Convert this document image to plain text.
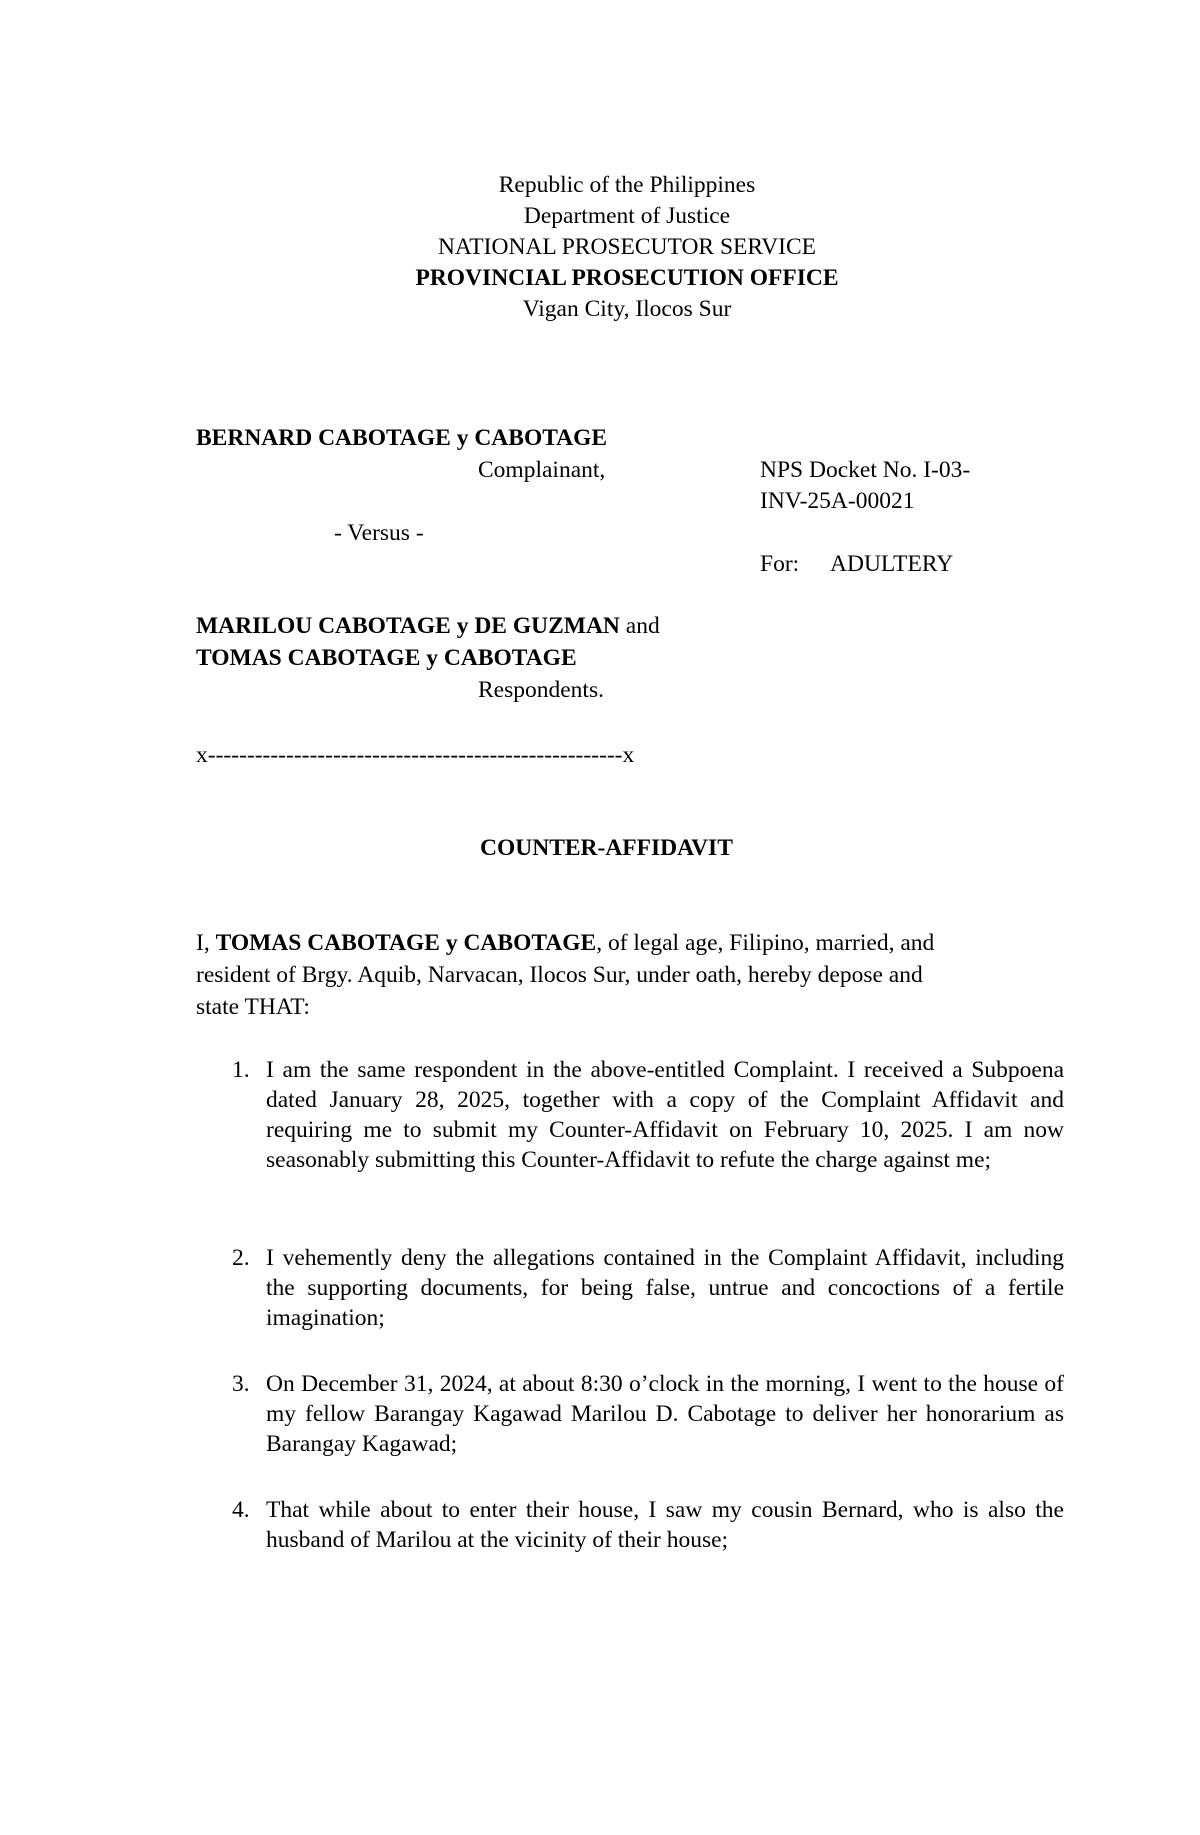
Republic of the Philippines
Department of Justice
NATIONAL PROSECUTOR SERVICE
PROVINCIAL PROSECUTION OFFICE
Vigan City, Ilocos Sur
BERNARD CABOTAGE y CABOTAGE
Complainant,	NPS Docket No. I-03-
INV-25A-00021
- Versus -
For: ADULTERY
MARILOU CABOTAGE y DE GUZMAN and
TOMAS CABOTAGE y CABOTAGE
Respondents.
x-----------------------------------------------------x
COUNTER-AFFIDAVIT
I, TOMAS CABOTAGE y CABOTAGE, of legal age, Filipino, married, and
resident of Brgy. Aquib, Narvacan, Ilocos Sur, under oath, hereby depose and
state THAT:
1. I am the same respondent in the above-entitled Complaint. I received a Subpoena dated January 28, 2025, together with a copy of the Complaint Affidavit and requiring me to submit my Counter-Affidavit on February 10, 2025. I am now seasonably submitting this Counter-Affidavit to refute the charge against me;
2. I vehemently deny the allegations contained in the Complaint Affidavit, including the supporting documents, for being false, untrue and concoctions of a fertile imagination;
3. On December 31, 2024, at about 8:30 o’clock in the morning, I went to the house of my fellow Barangay Kagawad Marilou D. Cabotage to deliver her honorarium as Barangay Kagawad;
4. That while about to enter their house, I saw my cousin Bernard, who is also the husband of Marilou at the vicinity of their house;
